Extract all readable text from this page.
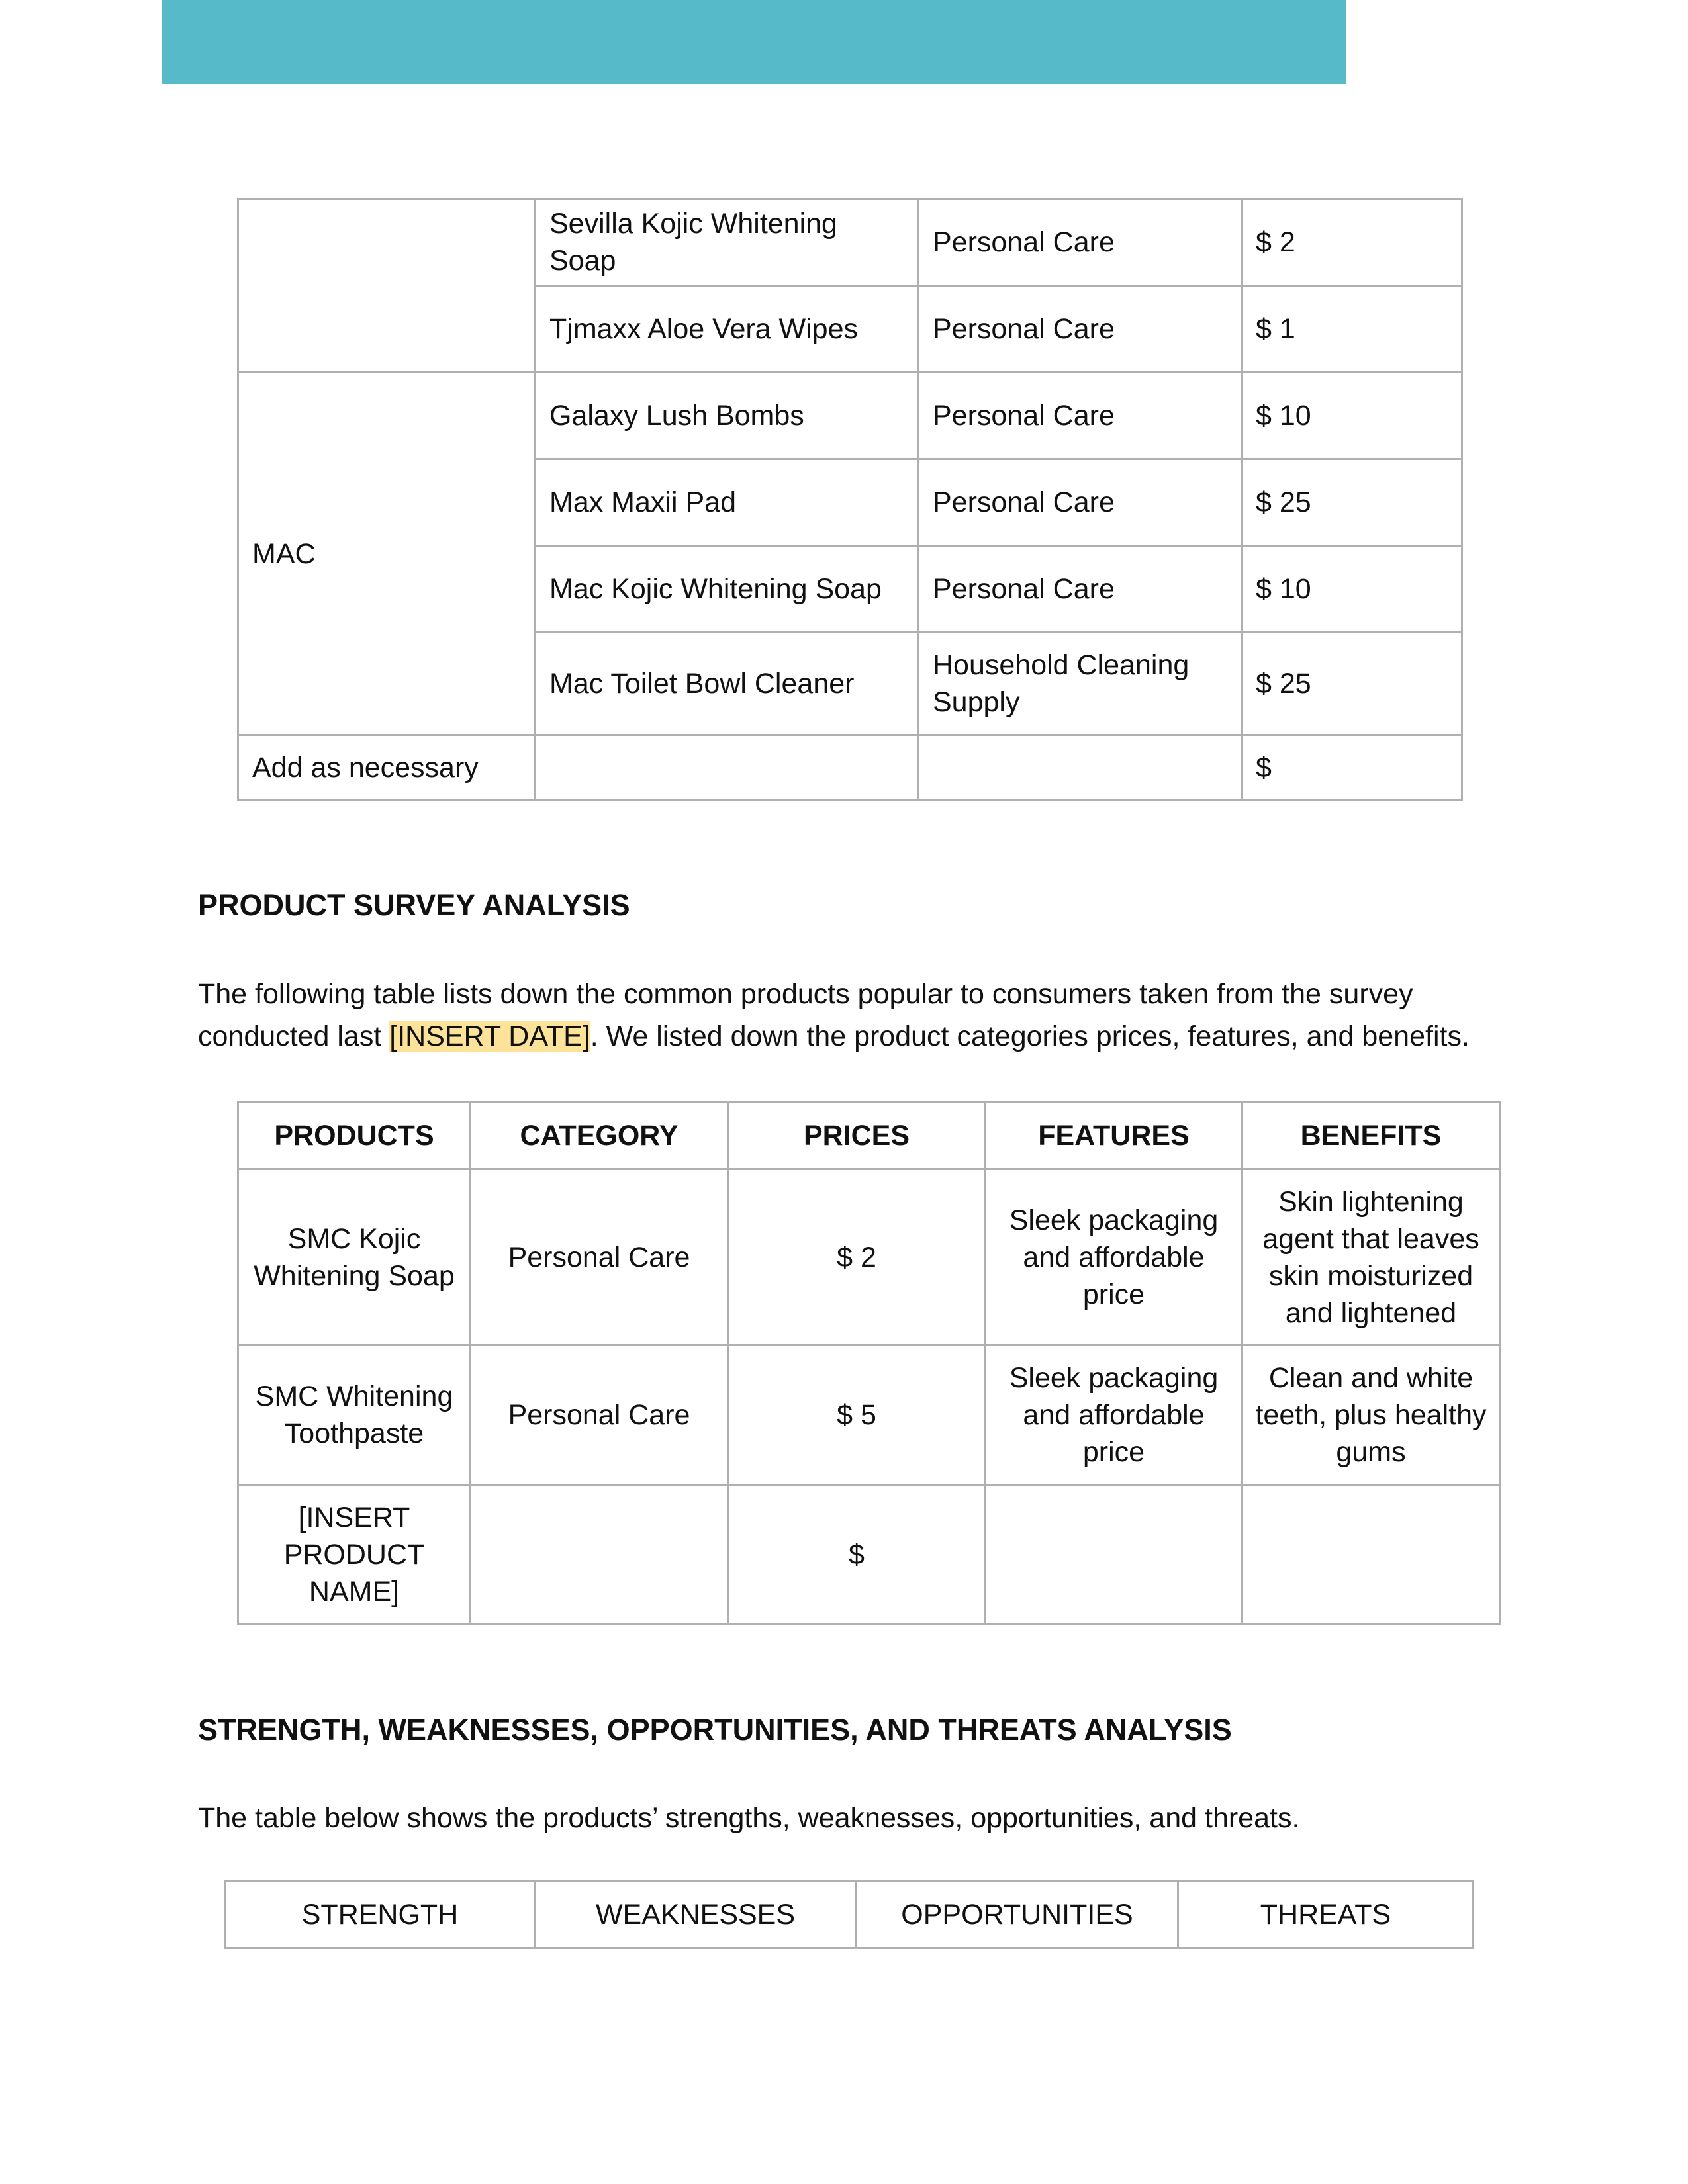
	Sevilla Kojic Whitening Soap	Personal Care	$ 2
	Tjmaxx Aloe Vera Wipes	Personal Care	$ 1
MAC	Galaxy Lush Bombs	Personal Care	$ 10
	Max Maxii Pad	Personal Care	$ 25
	Mac Kojic Whitening Soap	Personal Care	$ 10
	Mac Toilet Bowl Cleaner	Household Cleaning Supply	$ 25
Add as necessary			$
PRODUCT SURVEY ANALYSIS
The following table lists down the common products popular to consumers taken from the survey conducted last [INSERT DATE]. We listed down the product categories prices, features, and benefits.
PRODUCTS	CATEGORY	PRICES	FEATURES	BENEFITS
SMC Kojic Whitening Soap	Personal Care	$ 2	Sleek packaging and affordable price	Skin lightening agent that leaves skin moisturized and lightened
SMC Whitening Toothpaste	Personal Care	$ 5	Sleek packaging and affordable price	Clean and white teeth, plus healthy gums
[INSERT PRODUCT NAME]		$		
STRENGTH, WEAKNESSES, OPPORTUNITIES, AND THREATS ANALYSIS
The table below shows the products’ strengths, weaknesses, opportunities, and threats.
STRENGTH	WEAKNESSES	OPPORTUNITIES	THREATS
